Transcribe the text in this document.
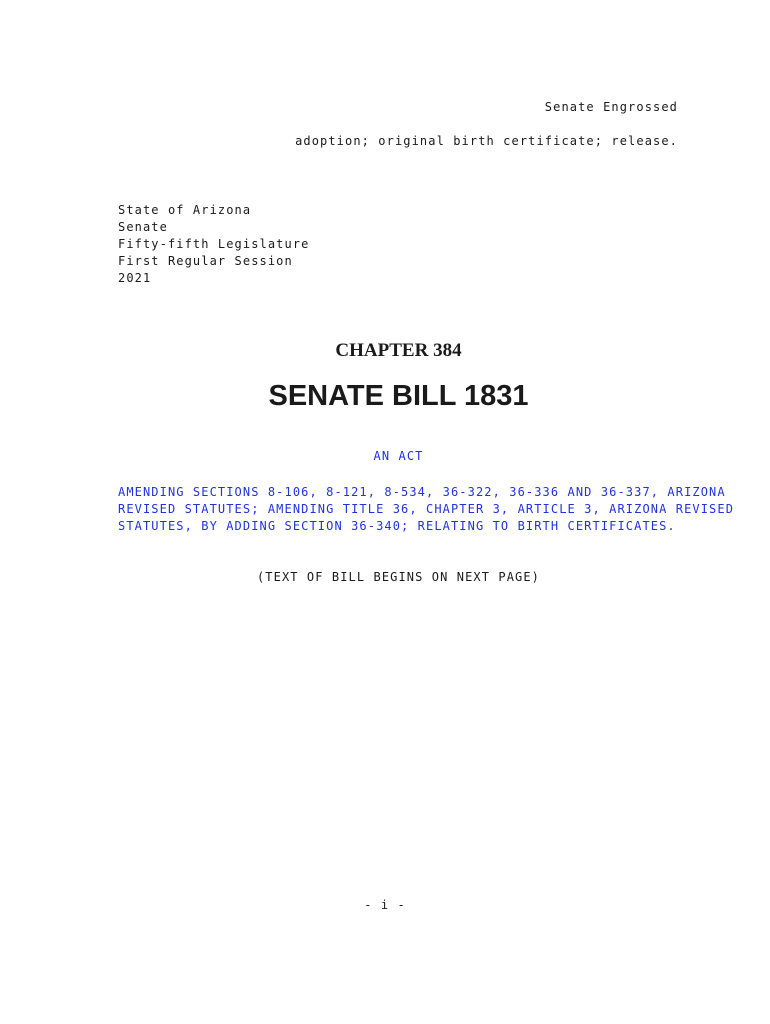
Senate Engrossed
adoption; original birth certificate; release.
State of Arizona
Senate
Fifty-fifth Legislature
First Regular Session
2021
CHAPTER 384
SENATE BILL 1831
AN ACT
AMENDING SECTIONS 8-106, 8-121, 8-534, 36-322, 36-336 AND 36-337, ARIZONA
REVISED STATUTES; AMENDING TITLE 36, CHAPTER 3, ARTICLE 3, ARIZONA REVISED
STATUTES, BY ADDING SECTION 36-340; RELATING TO BIRTH CERTIFICATES.
(TEXT OF BILL BEGINS ON NEXT PAGE)
- i -
